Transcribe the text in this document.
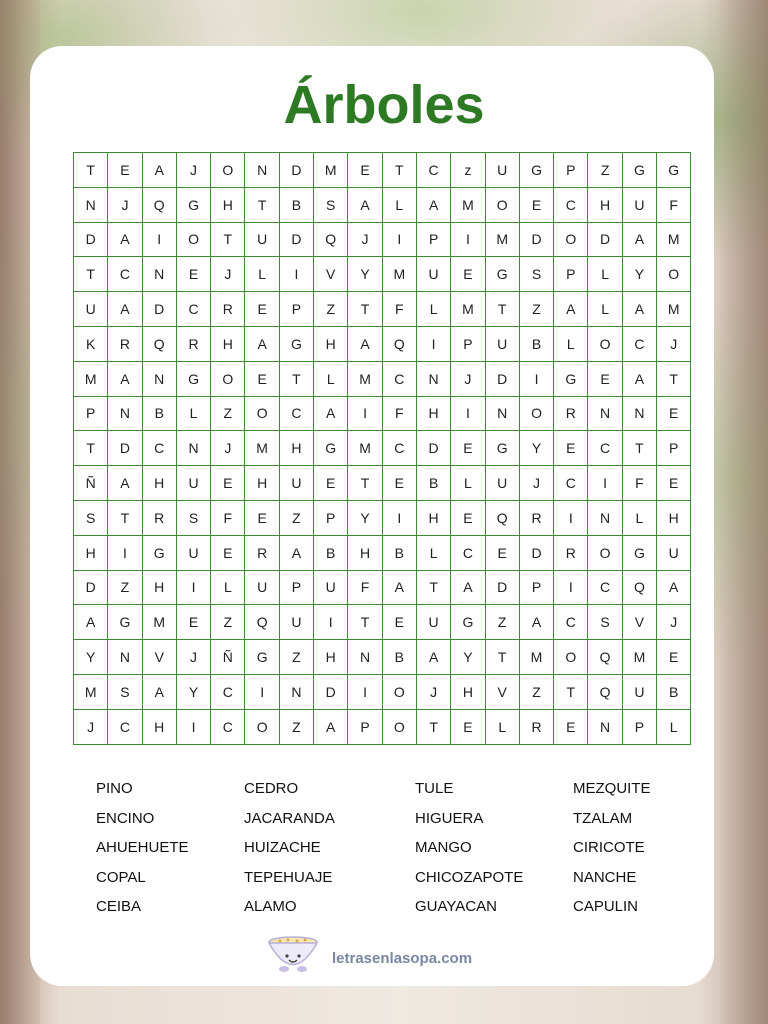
Árboles
T	E	A	J	O	N	D	M	E	T	C	z	U	G	P	Z	G	G
N	J	Q	G	H	T	B	S	A	L	A	M	O	E	C	H	U	F
D	A	I	O	T	U	D	Q	J	I	P	I	M	D	O	D	A	M
T	C	N	E	J	L	I	V	Y	M	U	E	G	S	P	L	Y	O
U	A	D	C	R	E	P	Z	T	F	L	M	T	Z	A	L	A	M
K	R	Q	R	H	A	G	H	A	Q	I	P	U	B	L	O	C	J
M	A	N	G	O	E	T	L	M	C	N	J	D	I	G	E	A	T
P	N	B	L	Z	O	C	A	I	F	H	I	N	O	R	N	N	E
T	D	C	N	J	M	H	G	M	C	D	E	G	Y	E	C	T	P
Ñ	A	H	U	E	H	U	E	T	E	B	L	U	J	C	I	F	E
S	T	R	S	F	E	Z	P	Y	I	H	E	Q	R	I	N	L	H
H	I	G	U	E	R	A	B	H	B	L	C	E	D	R	O	G	U
D	Z	H	I	L	U	P	U	F	A	T	A	D	P	I	C	Q	A
A	G	M	E	Z	Q	U	I	T	E	U	G	Z	A	C	S	V	J
Y	N	V	J	Ñ	G	Z	H	N	B	A	Y	T	M	O	Q	M	E
M	S	A	Y	C	I	N	D	I	O	J	H	V	Z	T	Q	U	B
J	C	H	I	C	O	Z	A	P	O	T	E	L	R	E	N	P	L
PINO
ENCINO
AHUEHUETE
COPAL
CEIBA
CEDRO
JACARANDA
HUIZACHE
TEPEHUAJE
ALAMO
TULE
HIGUERA
MANGO
CHICOZAPOTE
GUAYACAN
MEZQUITE
TZALAM
CIRICOTE
NANCHE
CAPULIN
letrasenlasopa.com
